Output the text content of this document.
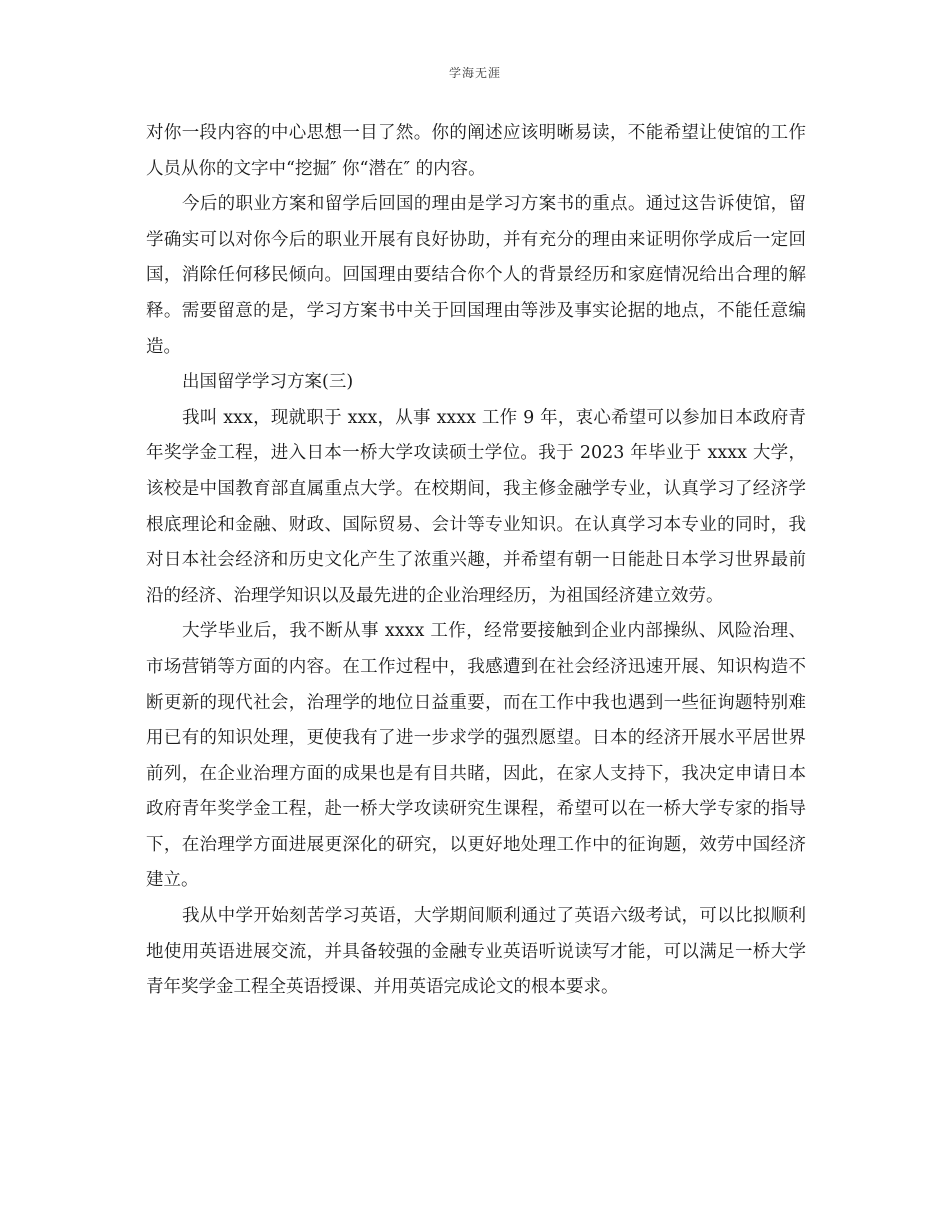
学海无涯

对你一段内容的中心思想一目了然。你的阐述应该明晰易读，不能希望让使馆的工作人员从你的文字中“挖掘″ 你“潜在″ 的内容。

今后的职业方案和留学后回国的理由是学习方案书的重点。通过这告诉使馆，留学确实可以对你今后的职业开展有良好协助，并有充分的理由来证明你学成后一定回国，消除任何移民倾向。回国理由要结合你个人的背景经历和家庭情况给出合理的解释。需要留意的是，学习方案书中关于回国理由等涉及事实论据的地点，不能任意编造。

出国留学学习方案(三)

我叫 xxx，现就职于 xxx，从事 xxxx 工作 9 年，衷心希望可以参加日本政府青年奖学金工程，进入日本一桥大学攻读硕士学位。我于 2023 年毕业于 xxxx 大学，该校是中国教育部直属重点大学。在校期间，我主修金融学专业，认真学习了经济学根底理论和金融、财政、国际贸易、会计等专业知识。在认真学习本专业的同时，我对日本社会经济和历史文化产生了浓重兴趣，并希望有朝一日能赴日本学习世界最前沿的经济、治理学知识以及最先进的企业治理经历，为祖国经济建立效劳。

大学毕业后，我不断从事 xxxx 工作，经常要接触到企业内部操纵、风险治理、市场营销等方面的内容。在工作过程中，我感遭到在社会经济迅速开展、知识构造不断更新的现代社会，治理学的地位日益重要，而在工作中我也遇到一些征询题特别难用已有的知识处理，更使我有了进一步求学的强烈愿望。日本的经济开展水平居世界前列，在企业治理方面的成果也是有目共睹，因此，在家人支持下，我决定申请日本政府青年奖学金工程，赴一桥大学攻读研究生课程，希望可以在一桥大学专家的指导下，在治理学方面进展更深化的研究，以更好地处理工作中的征询题，效劳中国经济建立。

我从中学开始刻苦学习英语，大学期间顺利通过了英语六级考试，可以比拟顺利地使用英语进展交流，并具备较强的金融专业英语听说读写才能，可以满足一桥大学青年奖学金工程全英语授课、并用英语完成论文的根本要求。
